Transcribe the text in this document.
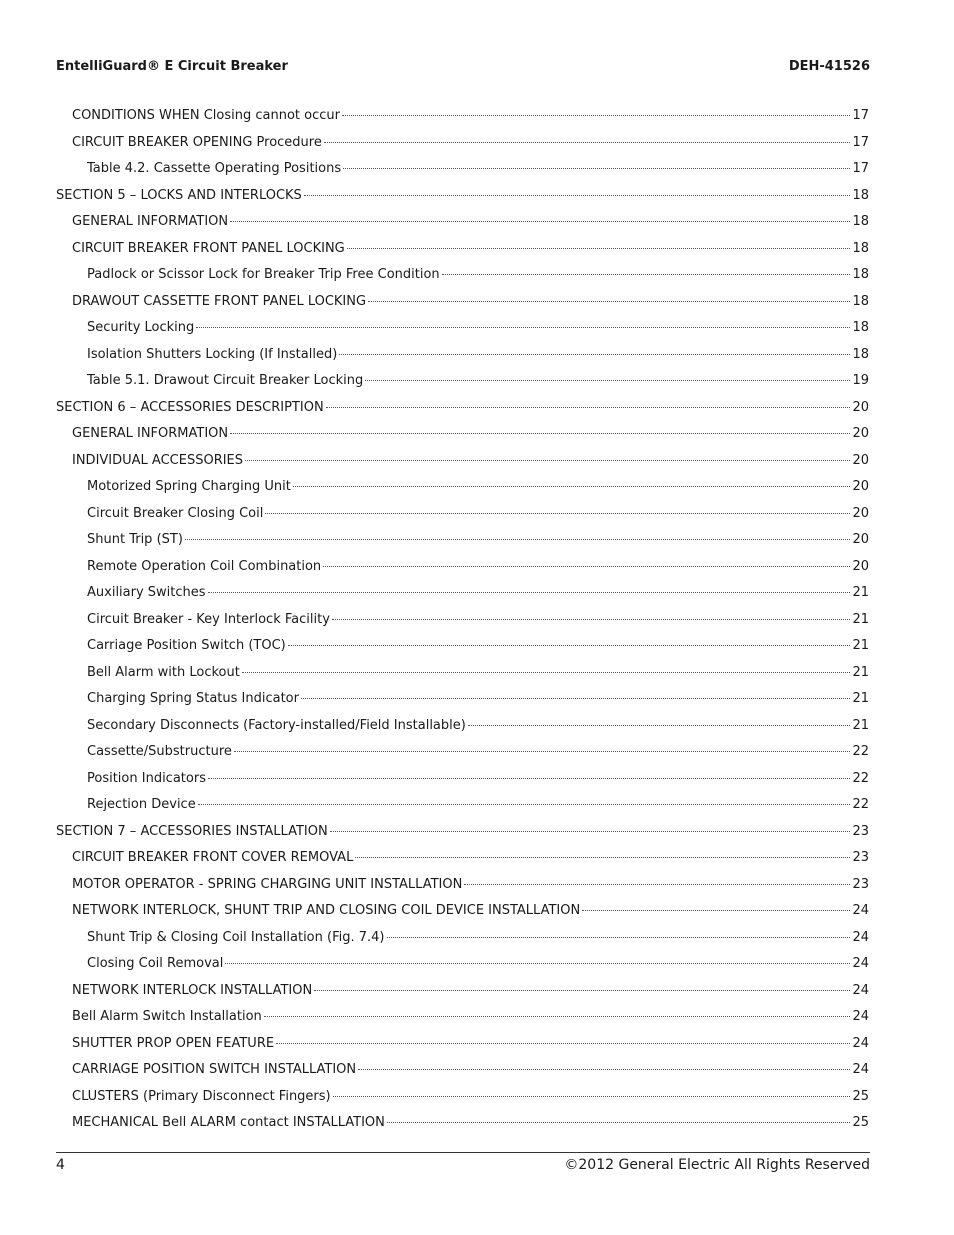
EntelliGuard® E Circuit Breaker	DEH-41526
CONDITIONS WHEN Closing cannot occur	17
CIRCUIT BREAKER OPENING Procedure	17
Table 4.2. Cassette Operating Positions	17
SECTION 5 – LOCKS AND INTERLOCKS	18
GENERAL INFORMATION	18
CIRCUIT BREAKER FRONT PANEL LOCKING	18
Padlock or Scissor Lock for Breaker Trip Free Condition	18
DRAWOUT CASSETTE FRONT PANEL LOCKING	18
Security Locking	18
Isolation Shutters Locking (If Installed)	18
Table 5.1. Drawout Circuit Breaker Locking	19
SECTION 6 – ACCESSORIES DESCRIPTION	20
GENERAL INFORMATION	20
INDIVIDUAL ACCESSORIES	20
Motorized Spring Charging Unit	20
Circuit Breaker Closing Coil	20
Shunt Trip (ST)	20
Remote Operation Coil Combination	20
Auxiliary Switches	21
Circuit Breaker - Key Interlock Facility	21
Carriage Position Switch (TOC)	21
Bell Alarm with Lockout	21
Charging Spring Status Indicator	21
Secondary Disconnects (Factory-installed/Field Installable)	21
Cassette/Substructure	22
Position Indicators	22
Rejection Device	22
SECTION 7 – ACCESSORIES INSTALLATION	23
CIRCUIT BREAKER FRONT COVER REMOVAL	23
MOTOR OPERATOR - SPRING CHARGING UNIT INSTALLATION	23
NETWORK INTERLOCK, SHUNT TRIP AND CLOSING COIL DEVICE INSTALLATION	24
Shunt Trip & Closing Coil Installation (Fig. 7.4)	24
Closing Coil Removal	24
NETWORK INTERLOCK INSTALLATION	24
Bell Alarm Switch Installation	24
SHUTTER PROP OPEN FEATURE	24
CARRIAGE POSITION SWITCH INSTALLATION	24
CLUSTERS (Primary Disconnect Fingers)	25
MECHANICAL Bell ALARM contact INSTALLATION	25
4	©2012 General Electric All Rights Reserved
